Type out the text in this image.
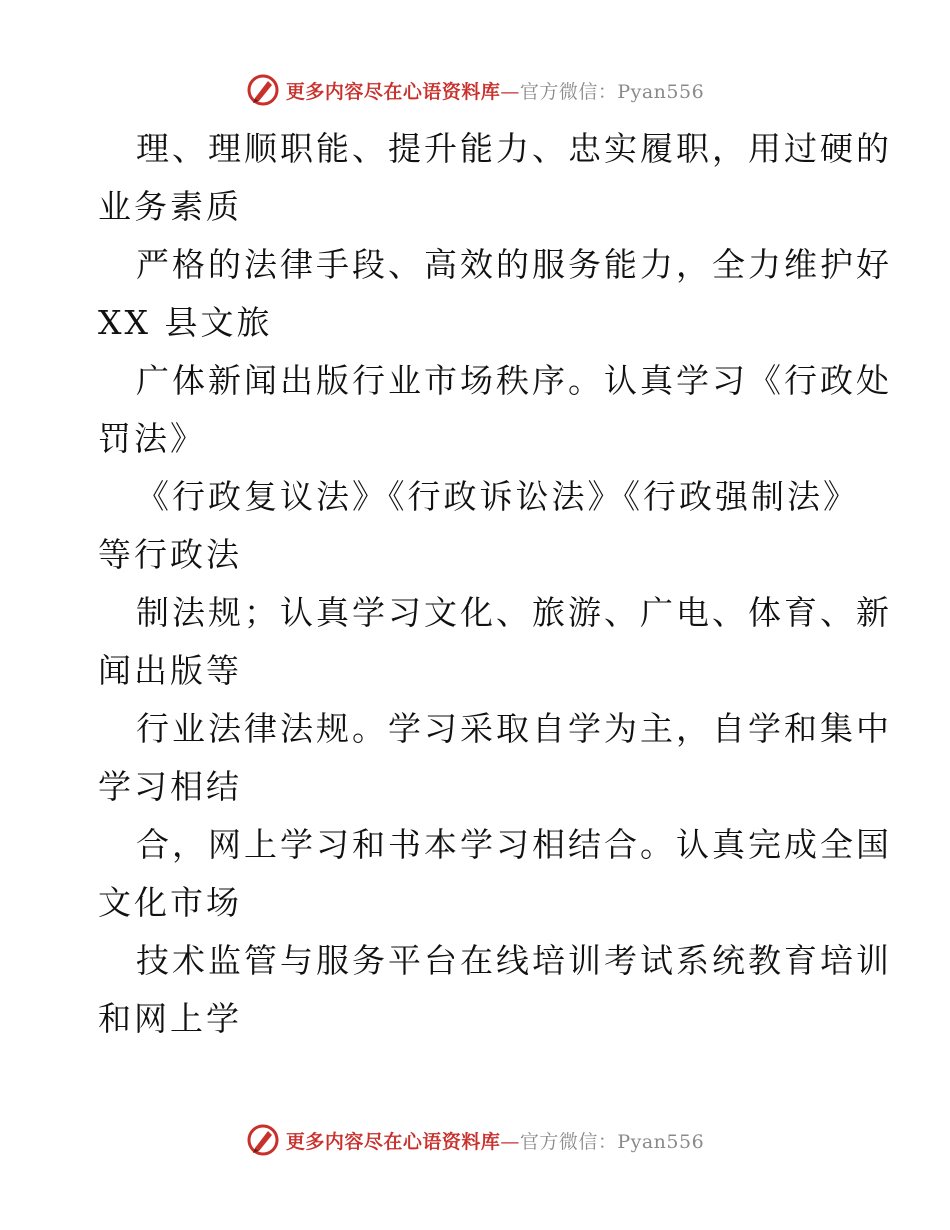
更多内容尽在心语资料库—官方微信：Pyan556

理、理顺职能、提升能力、忠实履职，用过硬的
业务素质

严格的法律手段、高效的服务能力，全力维护好
XX 县文旅

广体新闻出版行业市场秩序。认真学习《行政处
罚法》

《行政复议法》《行政诉讼法》《行政强制法》
等行政法

制法规；认真学习文化、旅游、广电、体育、新
闻出版等

行业法律法规。学习采取自学为主，自学和集中
学习相结

合，网上学习和书本学习相结合。认真完成全国
文化市场

技术监管与服务平台在线培训考试系统教育培训
和网上学

更多内容尽在心语资料库—官方微信：Pyan556
